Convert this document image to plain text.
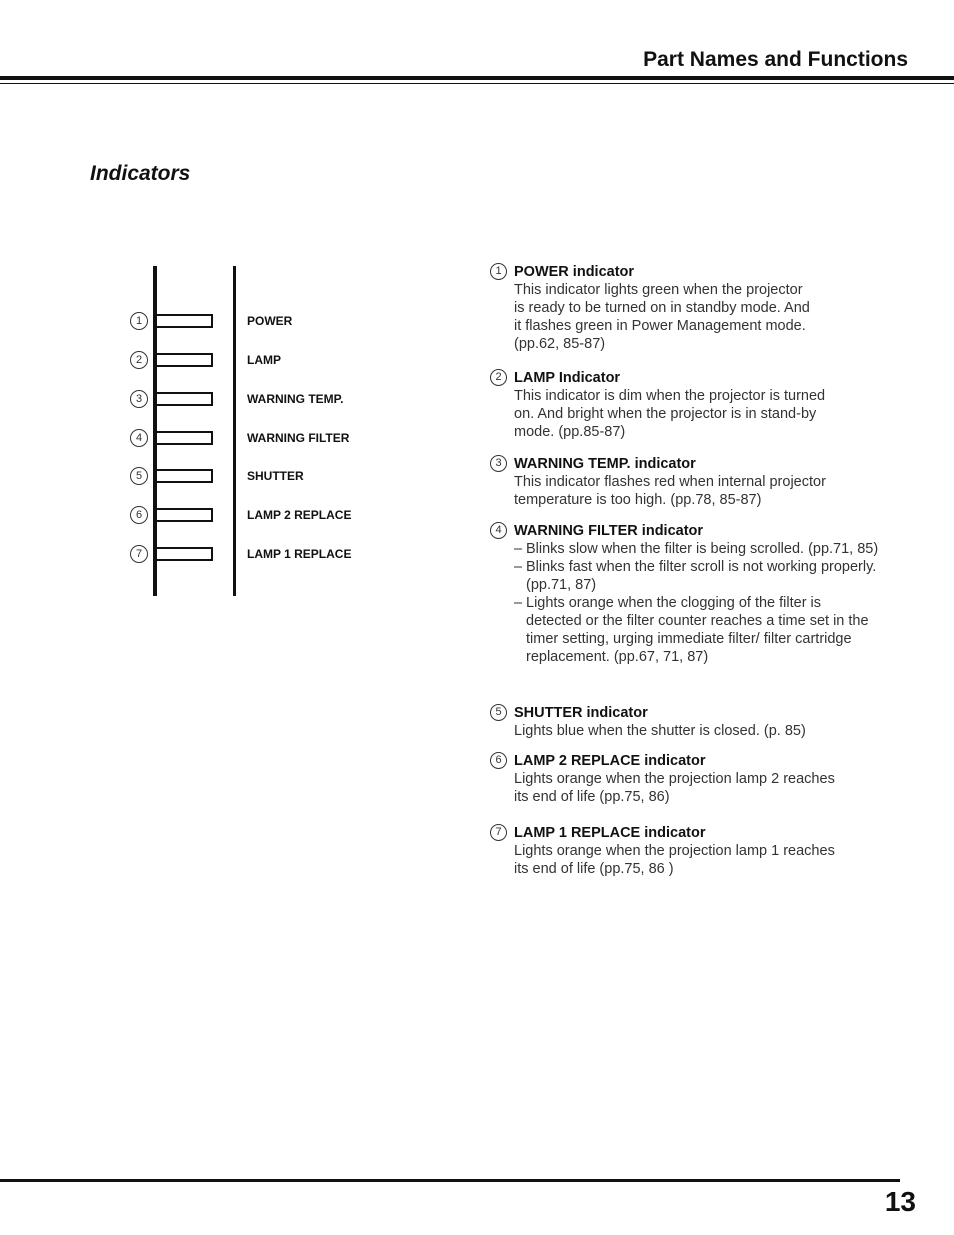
Part Names and Functions
Indicators
1	POWER
2	LAMP
3	WARNING TEMP.
4	WARNING FILTER
5	SHUTTER
6	LAMP 2 REPLACE
7	LAMP 1 REPLACE
1 POWER indicator
This indicator lights green when the projector
is ready to be turned on in standby mode. And
it flashes green in Power Management mode.
(pp.62, 85-87)
2 LAMP Indicator
This indicator is dim when the projector is turned
on. And bright when the projector is in stand-by
mode. (pp.85-87)
3 WARNING TEMP. indicator
This indicator flashes red when internal projector
temperature is too high. (pp.78, 85-87)
4 WARNING FILTER indicator
– Blinks slow when the filter is being scrolled. (pp.71, 85)
– Blinks fast when the filter scroll is not working properly. (pp.71, 87)
– Lights orange when the clogging of the filter is detected or the filter counter reaches a time set in the timer setting, urging immediate filter/ filter cartridge replacement. (pp.67, 71, 87)
5 SHUTTER indicator
Lights blue when the shutter is closed. (p. 85)
6 LAMP 2 REPLACE indicator
Lights orange when the projection lamp 2 reaches
its end of life (pp.75, 86)
7 LAMP 1 REPLACE indicator
Lights orange when the projection lamp 1 reaches
its end of life (pp.75, 86 )
13
